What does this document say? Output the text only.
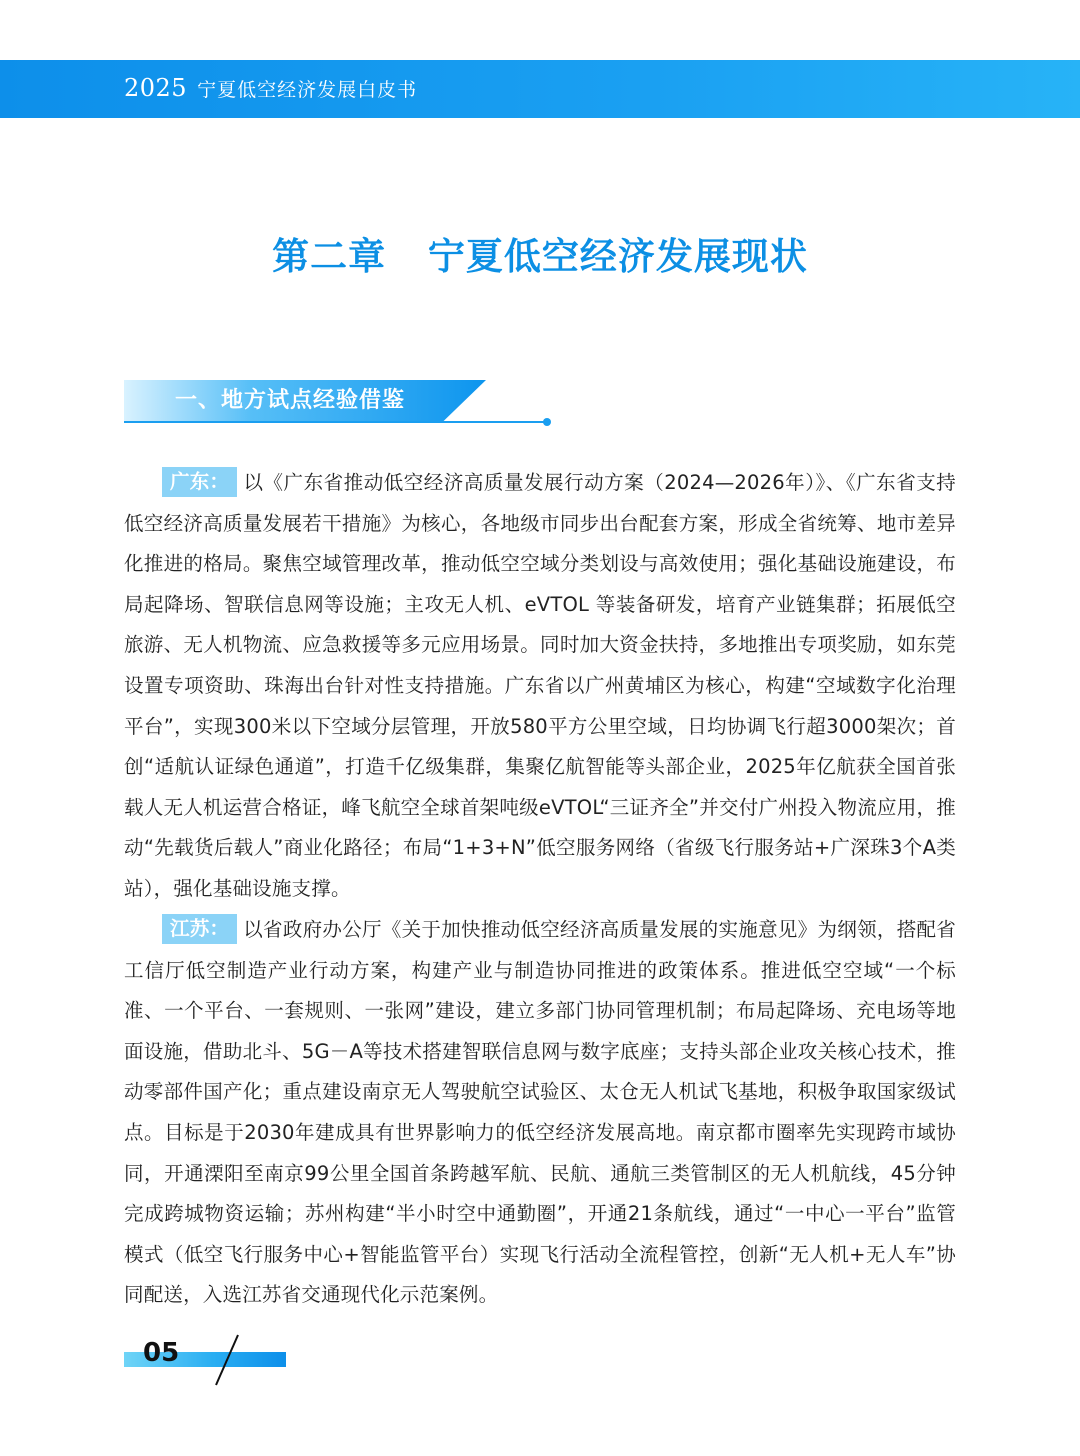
2025 宁夏低空经济发展白皮书
第二章   宁夏低空经济发展现状
一、地方试点经验借鉴
广东： 以《广东省推动低空经济高质量发展行动方案（2024—2026年）》、《广东省支持低空经济高质量发展若干措施》为核心，各地级市同步出台配套方案，形成全省统筹、地市差异化推进的格局。聚焦空域管理改革，推动低空空域分类划设与高效使用；强化基础设施建设，布局起降场、智联信息网等设施；主攻无人机、eVTOL 等装备研发，培育产业链集群；拓展低空旅游、无人机物流、应急救援等多元应用场景。同时加大资金扶持，多地推出专项奖励，如东莞设置专项资助、珠海出台针对性支持措施。广东省以广州黄埔区为核心，构建“空域数字化治理平台”，实现300米以下空域分层管理，开放580平方公里空域，日均协调飞行超3000架次；首创“适航认证绿色通道”，打造千亿级集群，集聚亿航智能等头部企业，2025年亿航获全国首张载人无人机运营合格证，峰飞航空全球首架吨级eVTOL“三证齐全”并交付广州投入物流应用，推动“先载货后载人”商业化路径；布局“1+3+N”低空服务网络（省级飞行服务站+广深珠3个A类站），强化基础设施支撑。
江苏： 以省政府办公厅《关于加快推动低空经济高质量发展的实施意见》为纲领，搭配省工信厅低空制造产业行动方案，构建产业与制造协同推进的政策体系。推进低空空域“一个标准、一个平台、一套规则、一张网”建设，建立多部门协同管理机制；布局起降场、充电场等地面设施，借助北斗、5G－A等技术搭建智联信息网与数字底座；支持头部企业攻关核心技术，推动零部件国产化；重点建设南京无人驾驶航空试验区、太仓无人机试飞基地，积极争取国家级试点。目标是于2030年建成具有世界影响力的低空经济发展高地。南京都市圈率先实现跨市域协同，开通溧阳至南京99公里全国首条跨越军航、民航、通航三类管制区的无人机航线，45分钟完成跨城物资运输；苏州构建“半小时空中通勤圈”，开通21条航线，通过“一中心一平台”监管模式（低空飞行服务中心+智能监管平台）实现飞行活动全流程管控，创新“无人机+无人车”协同配送，入选江苏省交通现代化示范案例。
05
